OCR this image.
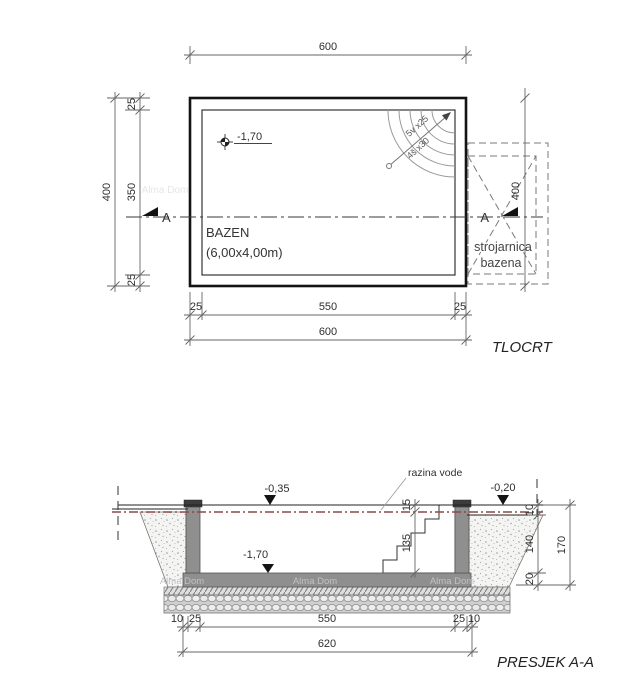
Alma Dom
600
400
25
350
25
strojarnica
bazena
400
A	A
5v x25
4š x30
-1,70
BAZEN
(6,00x4,00m)
25	550	25
600
TLOCRT
Alma Dom	Alma Dom	Alma Dom
razina vode
-0,35	-0,20
-1,70
15
135
10
140
20
170
10 25	550	25 10
620
PRESJEK A-A
